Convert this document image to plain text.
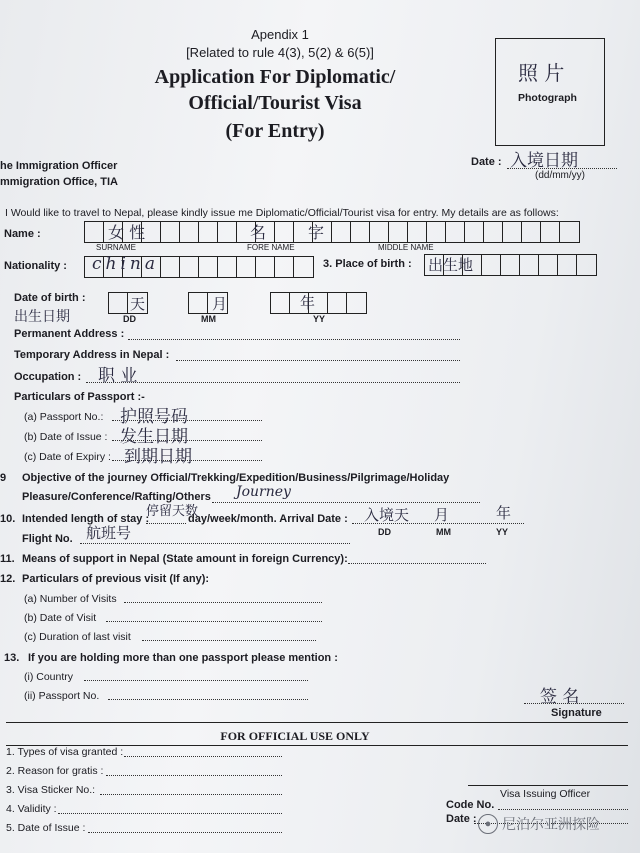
Apendix 1
[Related to rule 4(3), 5(2) & 6(5)]
Application For Diplomatic/
Official/Tourist Visa
(For Entry)
照 片
Photograph
he Immigration Officer
mmigration Office, TIA
Date : 入境日期
(dd/mm/yy)
I Would like to travel to Nepal, please kindly issue me Diplomatic/Official/Tourist visa for entry. My details are as follows:
Name :	女 性	名	字
SURNAME	FORE NAME	MIDDLE NAME
Nationality : china	3. Place of birth : 出生地
Date of birth :
出生日期
天	月	年
DD	MM	YY
Permanent Address :
Temporary Address in Nepal :
Occupation : 职 业
Particulars of Passport :-
(a) Passport No.: 护照号码
(b) Date of Issue : 发生日期
(c) Date of Expiry : 到期日期
9 Objective of the journey Official/Trekking/Expedition/Business/Pilgrimage/Holiday
Pleasure/Conference/Rafting/Others Journey
10. Intended length of stay :
停留天数
day/week/month. Arrival Date : 入境天 月	年
DD	MM	YY
Flight No. 航班号
11. Means of support in Nepal (State amount in foreign Currency):
12. Particulars of previous visit (If any):
(a) Number of Visits
(b) Date of Visit
(c) Duration of last visit
13. If you are holding more than one passport please mention :
(i) Country
(ii) Passport No.	签 名
Signature
FOR OFFICIAL USE ONLY
1. Types of visa granted :
2. Reason for gratis :
3. Visa Sticker No.:
4. Validity :
5. Date of Issue :
Visa Issuing Officer
Code No.
Date : ● 尼泊尔亚洲探险
